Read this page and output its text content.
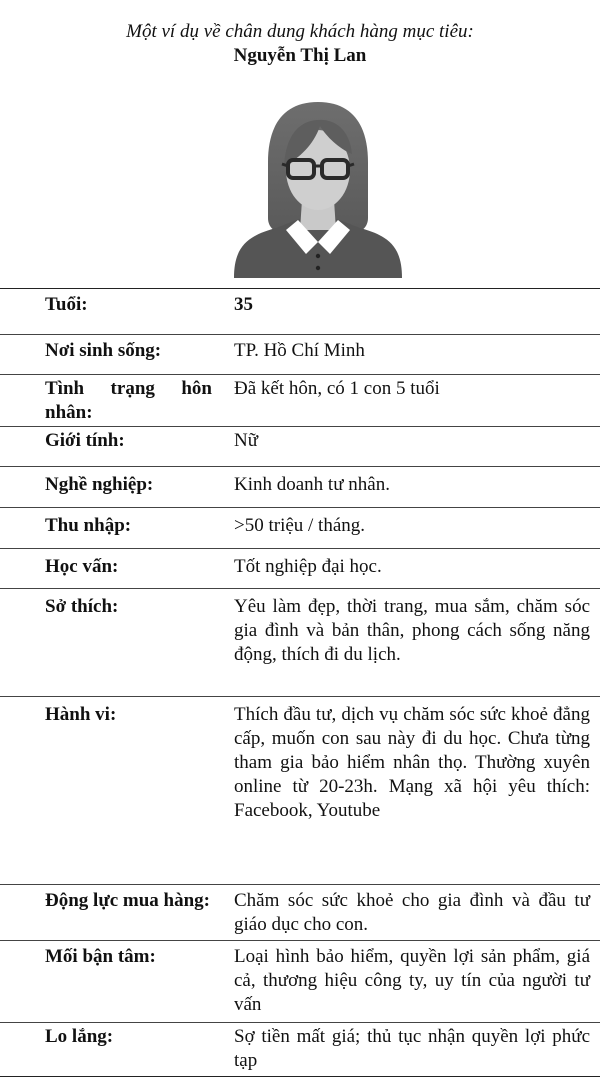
Một ví dụ về chân dung khách hàng mục tiêu:
Nguyễn Thị Lan
Tuổi:	35
Nơi sinh sống:	TP. Hồ Chí Minh
Tình trạng hôn nhân:	Đã kết hôn, có 1 con 5 tuổi
Giới tính:	Nữ
Nghề nghiệp:	Kinh doanh tư nhân.
Thu nhập:	>50 triệu / tháng.
Học vấn:	Tốt nghiệp đại học.
Sở thích:	Yêu làm đẹp, thời trang, mua sắm, chăm sóc gia đình và bản thân, phong cách sống năng động, thích đi du lịch.
Hành vi:	Thích đầu tư, dịch vụ chăm sóc sức khoẻ đẳng cấp, muốn con sau này đi du học. Chưa từng tham gia bảo hiểm nhân thọ. Thường xuyên online từ 20-23h. Mạng xã hội yêu thích: Facebook, Youtube
Động lực mua hàng:	Chăm sóc sức khoẻ cho gia đình và đầu tư giáo dục cho con.
Mối bận tâm:	Loại hình bảo hiểm, quyền lợi sản phẩm, giá cả, thương hiệu công ty, uy tín của người tư vấn
Lo lắng:	Sợ tiền mất giá; thủ tục nhận quyền lợi phức tạp
